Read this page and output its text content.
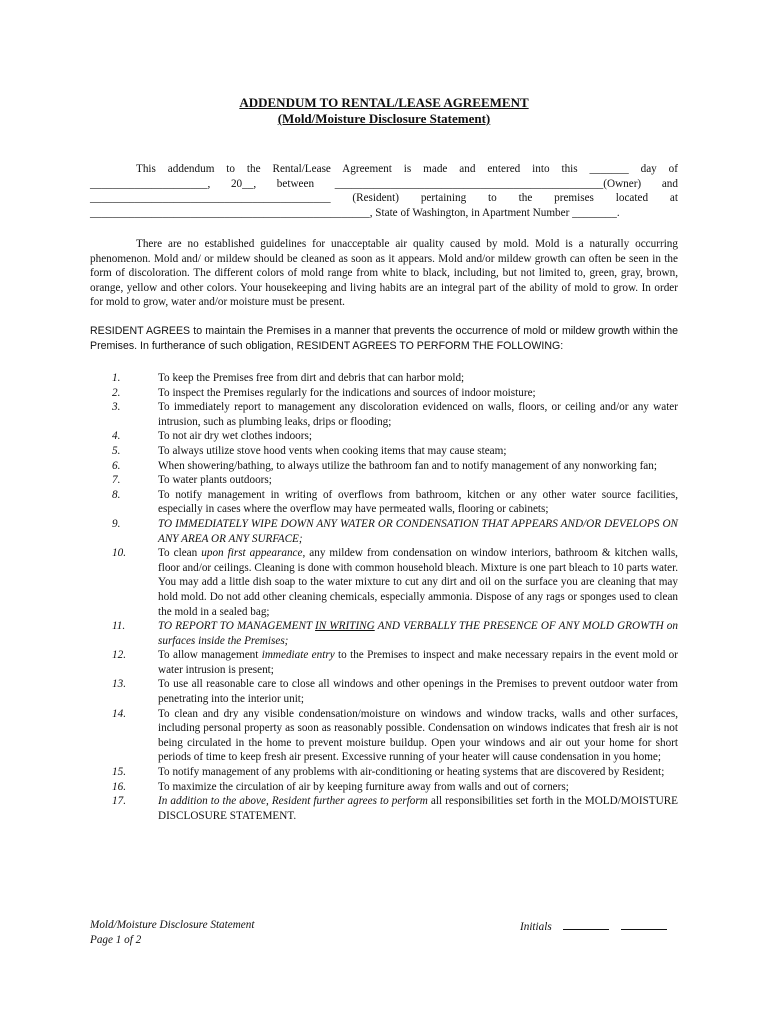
ADDENDUM TO RENTAL/LEASE AGREEMENT
(Mold/Moisture Disclosure Statement)
This addendum to the Rental/Lease Agreement is made and entered into this _______ day of
_____________________, 20__, between ________________________________________________(Owner) and
___________________________________________ (Resident) pertaining to the premises located at
__________________________________________________, State of Washington, in Apartment Number ________.
There are no established guidelines for unacceptable air quality caused by mold. Mold is a naturally occurring phenomenon. Mold and/ or mildew should be cleaned as soon as it appears. Mold and/or mildew growth can often be seen in the form of discoloration. The different colors of mold range from white to black, including, but not limited to, green, gray, brown, orange, yellow and other colors. Your housekeeping and living habits are an integral part of the ability of mold to grow. In order for mold to grow, water and/or moisture must be present.
RESIDENT AGREES to maintain the Premises in a manner that prevents the occurrence of mold or mildew growth within the Premises. In furtherance of such obligation, RESIDENT AGREES TO PERFORM THE FOLLOWING:
1.	To keep the Premises free from dirt and debris that can harbor mold;
2.	To inspect the Premises regularly for the indications and sources of indoor moisture;
3.	To immediately report to management any discoloration evidenced on walls, floors, or ceiling and/or any water intrusion, such as plumbing leaks, drips or flooding;
4.	To not air dry wet clothes indoors;
5.	To always utilize stove hood vents when cooking items that may cause steam;
6.	When showering/bathing, to always utilize the bathroom fan and to notify management of any nonworking fan;
7.	To water plants outdoors;
8.	To notify management in writing of overflows from bathroom, kitchen or any other water source facilities, especially in cases where the overflow may have permeated walls, flooring or cabinets;
9.	TO IMMEDIATELY WIPE DOWN ANY WATER OR CONDENSATION THAT APPEARS AND/OR DEVELOPS ON ANY AREA OR ANY SURFACE;
10.	To clean upon first appearance, any mildew from condensation on window interiors, bathroom & kitchen walls, floor and/or ceilings. Cleaning is done with common household bleach. Mixture is one part bleach to 10 parts water. You may add a little dish soap to the water mixture to cut any dirt and oil on the surface you are cleaning that may hold mold. Do not add other cleaning chemicals, especially ammonia. Dispose of any rags or sponges used to clean the mold in a sealed bag;
11.	TO REPORT TO MANAGEMENT IN WRITING AND VERBALLY THE PRESENCE OF ANY MOLD GROWTH on surfaces inside the Premises;
12.	To allow management immediate entry to the Premises to inspect and make necessary repairs in the event mold or water intrusion is present;
13.	To use all reasonable care to close all windows and other openings in the Premises to prevent outdoor water from penetrating into the interior unit;
14.	To clean and dry any visible condensation/moisture on windows and window tracks, walls and other surfaces, including personal property as soon as reasonably possible. Condensation on windows indicates that fresh air is not being circulated in the home to prevent moisture buildup. Open your windows and air out your home for short periods of time to keep fresh air present. Excessive running of your heater will cause condensation in you home;
15.	To notify management of any problems with air-conditioning or heating systems that are discovered by Resident;
16.	To maximize the circulation of air by keeping furniture away from walls and out of corners;
17.	In addition to the above, Resident further agrees to perform all responsibilities set forth in the MOLD/MOISTURE DISCLOSURE STATEMENT.
Mold/Moisture Disclosure Statement
Page 1 of 2
Initials
